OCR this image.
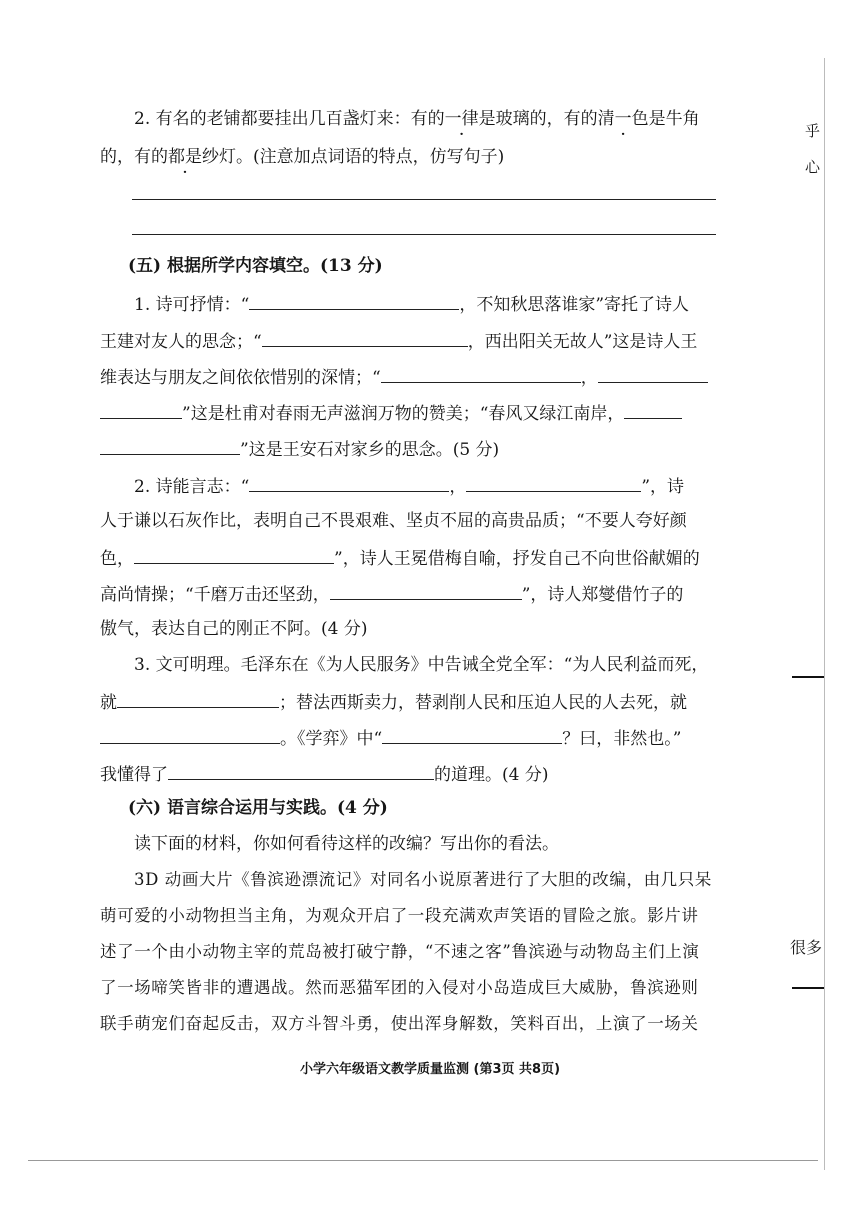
2. 有名的老铺都要挂出几百盏灯来：有的一律是玻璃的，有的清一色是牛角
的，有的都是纱灯。(注意加点词语的特点，仿写句子)
(五) 根据所学内容填空。(13 分)
1. 诗可抒情：“	，不知秋思落谁家”寄托了诗人
王建对友人的思念；“	，西出阳关无故人”这是诗人王
维表达与朋友之间依依惜别的深情；“	，
”这是杜甫对春雨无声滋润万物的赞美；“春风又绿江南岸，
”这是王安石对家乡的思念。(5 分)
2. 诗能言志：“	，	”，诗
人于谦以石灰作比，表明自己不畏艰难、坚贞不屈的高贵品质；“不要人夸好颜
色，	”，诗人王冕借梅自喻，抒发自己不向世俗献媚的
高尚情操；“千磨万击还坚劲，	”，诗人郑燮借竹子的
傲气，表达自己的刚正不阿。(4 分)
3. 文可明理。毛泽东在《为人民服务》中告诫全党全军：“为人民利益而死，
就	；替法西斯卖力，替剥削人民和压迫人民的人去死，就
。《学弈》中“	？曰，非然也。”
我懂得了	的道理。(4 分)
(六) 语言综合运用与实践。(4 分)
读下面的材料，你如何看待这样的改编？写出你的看法。
3D 动画大片《鲁滨逊漂流记》对同名小说原著进行了大胆的改编，由几只呆
萌可爱的小动物担当主角，为观众开启了一段充满欢声笑语的冒险之旅。影片讲
述了一个由小动物主宰的荒岛被打破宁静，“不速之客”鲁滨逊与动物岛主们上演
了一场啼笑皆非的遭遇战。然而恶猫军团的入侵对小岛造成巨大威胁，鲁滨逊则
联手萌宠们奋起反击，双方斗智斗勇，使出浑身解数，笑料百出，上演了一场关
小学六年级语文教学质量监测 (第3页 共8页)
乎
心
很多
